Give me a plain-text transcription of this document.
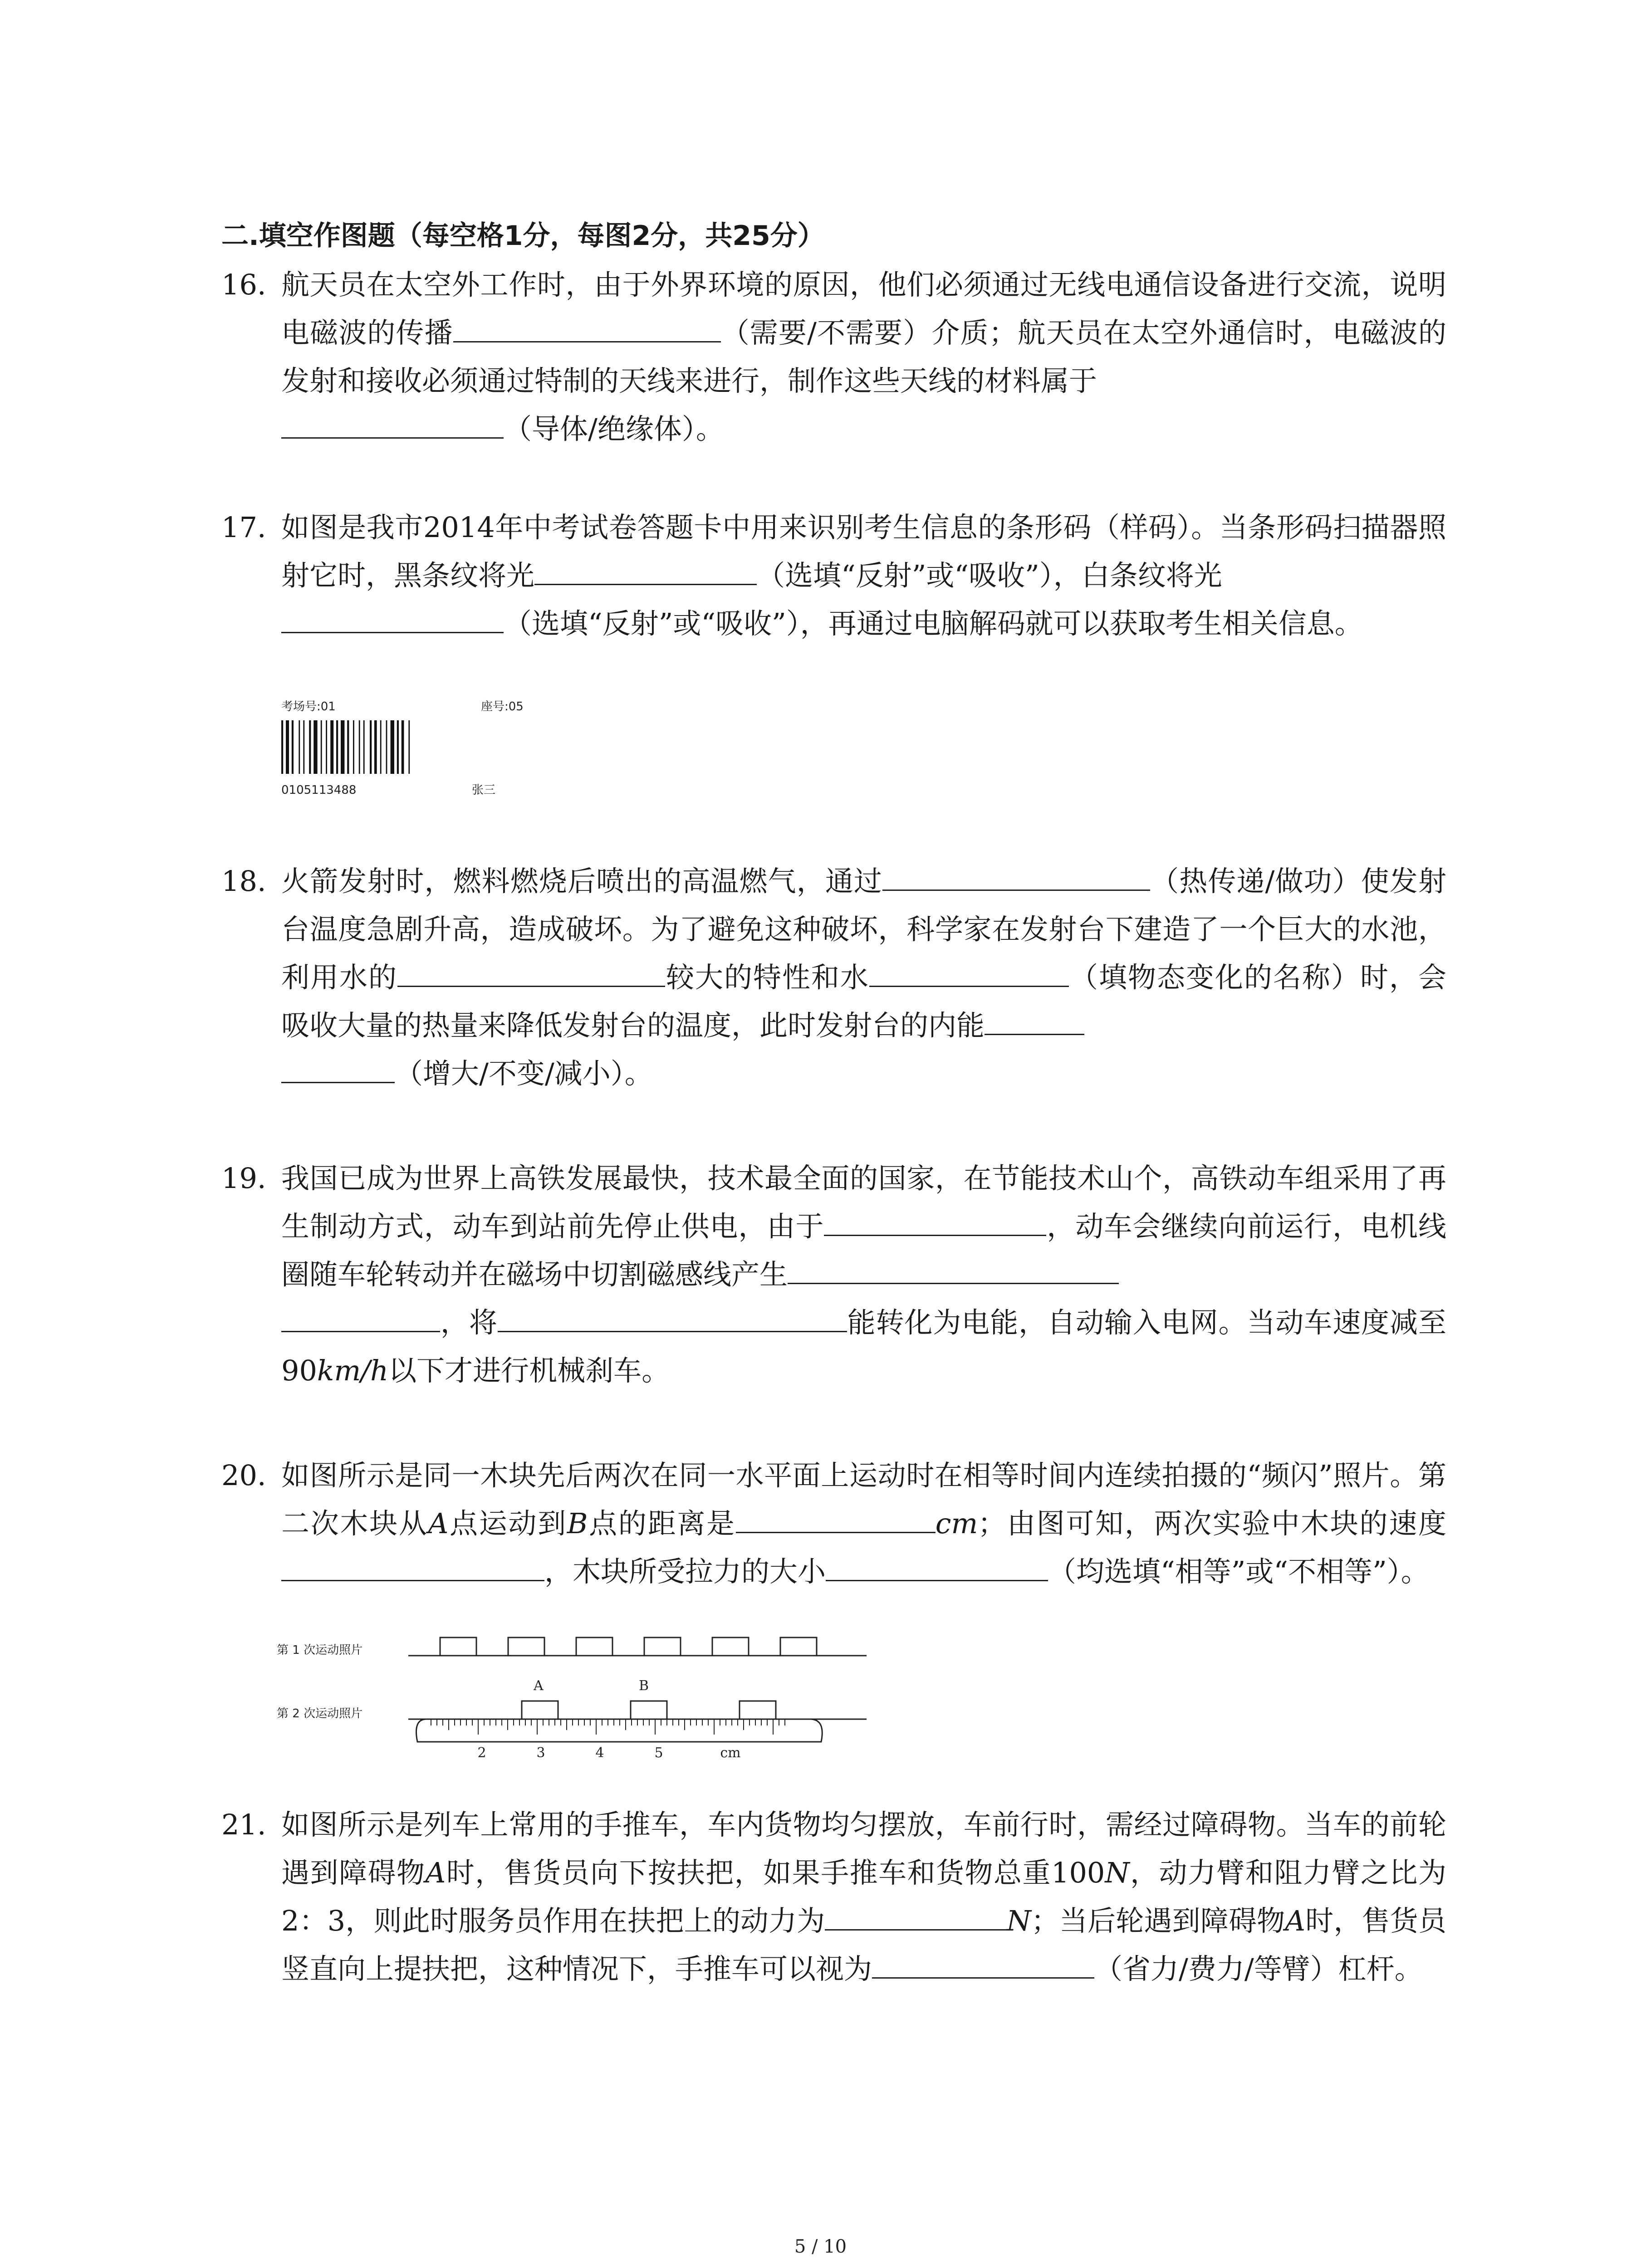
二.填空作图题（每空格1分，每图2分，共25分）
16. 航天员在太空外工作时，由于外界环境的原因，他们必须通过无线电通信设备进行交流，说明电磁波的传播	（需要/不需要）介质；航天员在太空外通信时，电磁波的发射和接收必须通过特制的天线来进行，制作这些天线的材料属于
（导体/绝缘体）。
17. 如图是我市2014年中考试卷答题卡中用来识别考生信息的条形码（样码）。当条形码扫描器照射它时，黑条纹将光	（选填“反射”或“吸收”），白条纹将光
（选填“反射”或“吸收”），再通过电脑解码就可以获取考生相关信息。
考场号:01	座号:05
0105113488	张三
18. 火箭发射时，燃料燃烧后喷出的高温燃气，通过	（热传递/做功）使发射台温度急剧升高，造成破坏。为了避免这种破坏，科学家在发射台下建造了一个巨大的水池，利用水的	较大的特性和水	（填物态变化的名称）时，会吸收大量的热量来降低发射台的温度，此时发射台的内能
（增大/不变/减小）。
19. 我国已成为世界上高铁发展最快，技术最全面的国家，在节能技术山个，高铁动车组采用了再生制动方式，动车到站前先停止供电，由于	，动车会继续向前运行，电机线圈随车轮转动并在磁场中切割磁感线产生
，将	能转化为电能，自动输入电网。当动车速度减至90km/h以下才进行机械刹车。
20. 如图所示是同一木块先后两次在同一水平面上运动时在相等时间内连续拍摄的“频闪”照片。第二次木块从A点运动到B点的距离是	cm；由图可知，两次实验中木块的速度，木块所受拉力的大小	（均选填“相等”或“不相等”）。
第 1 次运动照片
第 2 次运动照片
A	B
2	3	4	5	cm
21. 如图所示是列车上常用的手推车，车内货物均匀摆放，车前行时，需经过障碍物。当车的前轮遇到障碍物A时，售货员向下按扶把，如果手推车和货物总重100N，动力臂和阻力臂之比为2：3，则此时服务员作用在扶把上的动力为	N；当后轮遇到障碍物A时，售货员竖直向上提扶把，这种情况下，手推车可以视为	（省力/费力/等臂）杠杆。
5 / 10
